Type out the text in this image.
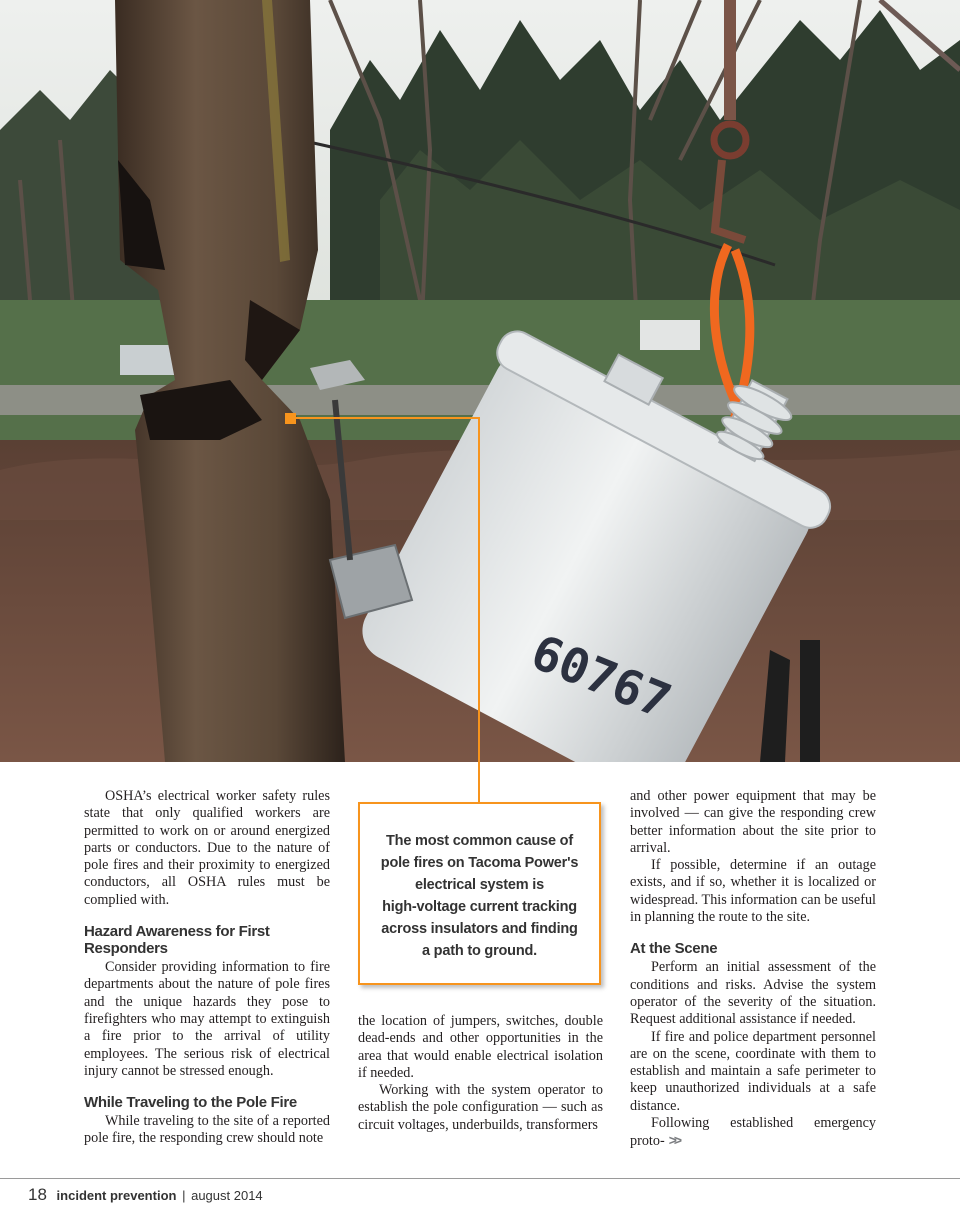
60767

OSHA’s electrical worker safety rules state that only qualified workers are permitted to work on or around energized parts or conductors. Due to the nature of pole fires and their proximity to energized conductors, all OSHA rules must be complied with.

Hazard Awareness for First Responders

Consider providing information to fire departments about the nature of pole fires and the unique hazards they pose to firefighters who may attempt to extinguish a fire prior to the arrival of utility employees. The serious risk of electrical injury cannot be stressed enough.

While Traveling to the Pole Fire

While traveling to the site of a reported pole fire, the responding crew should note

The most common cause of
pole fires on Tacoma Power's
electrical system is
high-voltage current tracking
across insulators and finding
a path to ground.

the location of jumpers, switches, double dead-ends and other opportunities in the area that would enable electrical isolation if needed.

Working with the system operator to establish the pole configuration — such as circuit voltages, underbuilds, transformers

and other power equipment that may be involved — can give the responding crew better information about the site prior to arrival.

If possible, determine if an outage exists, and if so, whether it is localized or widespread. This information can be useful in planning the route to the site.

At the Scene

Perform an initial assessment of the conditions and risks. Advise the system operator of the severity of the situation. Request additional assistance if needed.

If fire and police department personnel are on the scene, coordinate with them to establish and maintain a safe perimeter to keep unauthorized individuals at a safe distance.

Following established emergency proto- >>

18 incident prevention | august 2014
